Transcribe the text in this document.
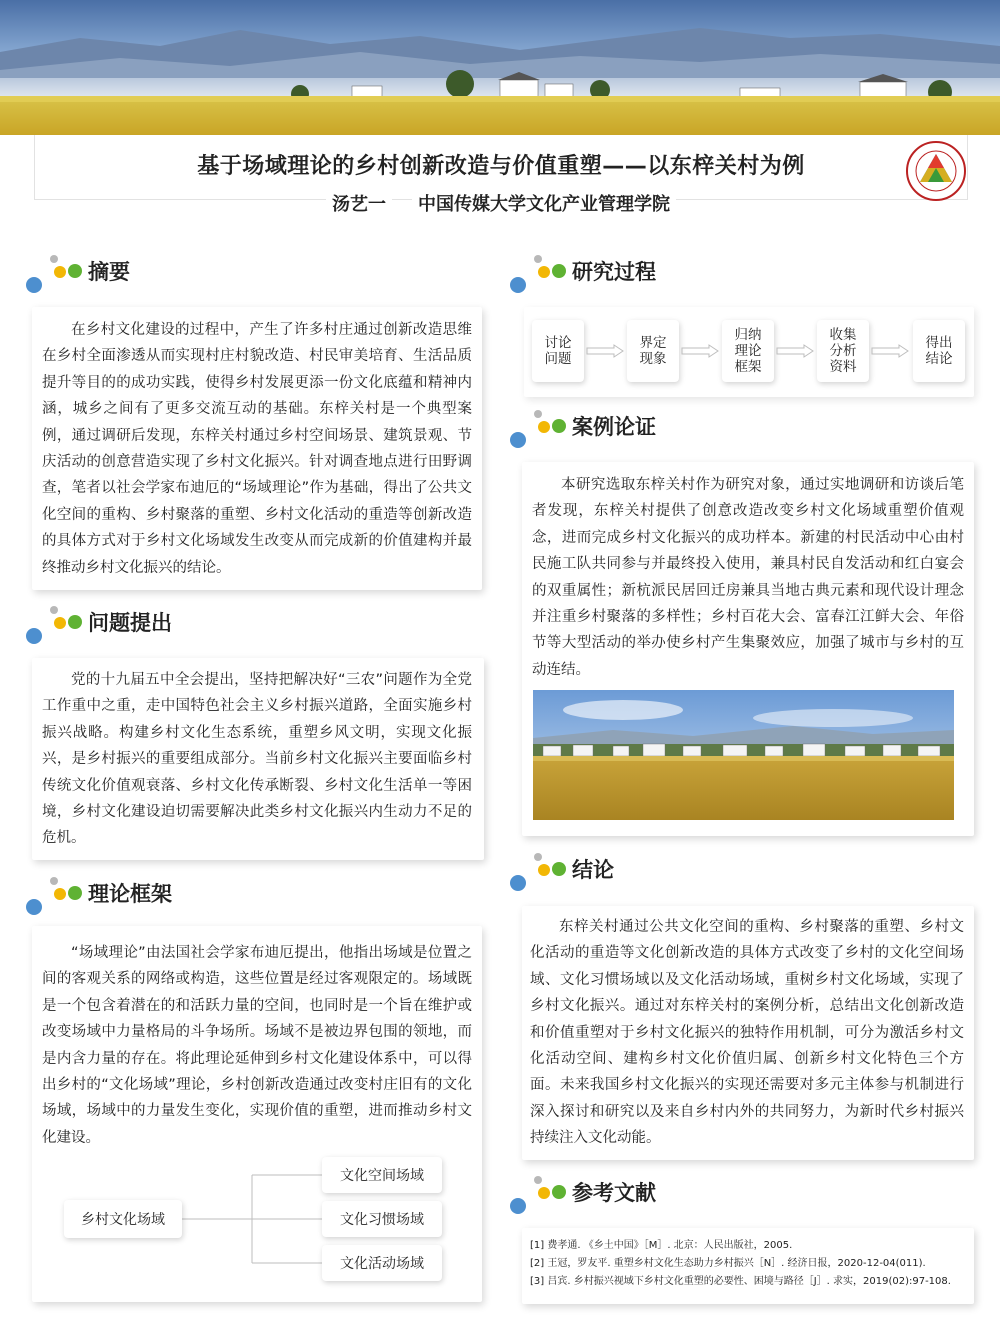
基于场域理论的乡村创新改造与价值重塑——以东梓关村为例
汤艺一 中国传媒大学文化产业管理学院
摘要

在乡村文化建设的过程中，产生了许多村庄通过创新改造思维在乡村全面渗透从而实现村庄村貌改造、村民审美培育、生活品质提升等目的的成功实践，使得乡村发展更添一份文化底蕴和精神内涵，城乡之间有了更多交流互动的基础。东梓关村是一个典型案例，通过调研后发现，东梓关村通过乡村空间场景、建筑景观、节庆活动的创意营造实现了乡村文化振兴。针对调查地点进行田野调查，笔者以社会学家布迪厄的“场域理论”作为基础，得出了公共文化空间的重构、乡村聚落的重塑、乡村文化活动的重造等创新改造的具体方式对于乡村文化场域发生改变从而完成新的价值建构并最终推动乡村文化振兴的结论。

问题提出

党的十九届五中全会提出，坚持把解决好“三农”问题作为全党工作重中之重，走中国特色社会主义乡村振兴道路，全面实施乡村振兴战略。构建乡村文化生态系统，重塑乡风文明，实现文化振兴，是乡村振兴的重要组成部分。当前乡村文化振兴主要面临乡村传统文化价值观衰落、乡村文化传承断裂、乡村文化生活单一等困境，乡村文化建设迫切需要解决此类乡村文化振兴内生动力不足的危机。

理论框架

“场域理论”由法国社会学家布迪厄提出，他指出场域是位置之间的客观关系的网络或构造，这些位置是经过客观限定的。场域既是一个包含着潜在的和活跃力量的空间，也同时是一个旨在维护或改变场域中力量格局的斗争场所。场域不是被边界包围的领地，而是内含力量的存在。将此理论延伸到乡村文化建设体系中，可以得出乡村的“文化场域”理论，乡村创新改造通过改变村庄旧有的文化场域，场域中的力量发生变化，实现价值的重塑，进而推动乡村文化建设。

乡村文化场域
文化空间场域
文化习惯场域
文化活动场域
研究过程
讨论问题
界定现象
归纳理论框架
收集分析资料
得出结论
案例论证

本研究选取东梓关村作为研究对象，通过实地调研和访谈后笔者发现，东梓关村提供了创意改造改变乡村文化场域重塑价值观念，进而完成乡村文化振兴的成功样本。新建的村民活动中心由村民施工队共同参与并最终投入使用，兼具村民自发活动和红白宴会的双重属性；新杭派民居回迁房兼具当地古典元素和现代设计理念并注重乡村聚落的多样性；乡村百花大会、富春江江鲜大会、年俗节等大型活动的举办使乡村产生集聚效应，加强了城市与乡村的互动连结。

结论

东梓关村通过公共文化空间的重构、乡村聚落的重塑、乡村文化活动的重造等文化创新改造的具体方式改变了乡村的文化空间场域、文化习惯场域以及文化活动场域，重树乡村文化场域，实现了乡村文化振兴。通过对东梓关村的案例分析，总结出文化创新改造和价值重塑对于乡村文化振兴的独特作用机制，可分为激活乡村文化活动空间、建构乡村文化价值归属、创新乡村文化特色三个方面。未来我国乡村文化振兴的实现还需要对多元主体参与机制进行深入探讨和研究以及来自乡村内外的共同努力，为新时代乡村振兴持续注入文化动能。

参考文献
[1] 费孝通. 《乡土中国》［M］. 北京：人民出版社，2005.
[2] 王冠，罗友平. 重塑乡村文化生态助力乡村振兴［N］. 经济日报，2020-12-04(011).
[3] 吕宾. 乡村振兴视域下乡村文化重塑的必要性、困境与路径［J］. 求实，2019(02):97-108.
